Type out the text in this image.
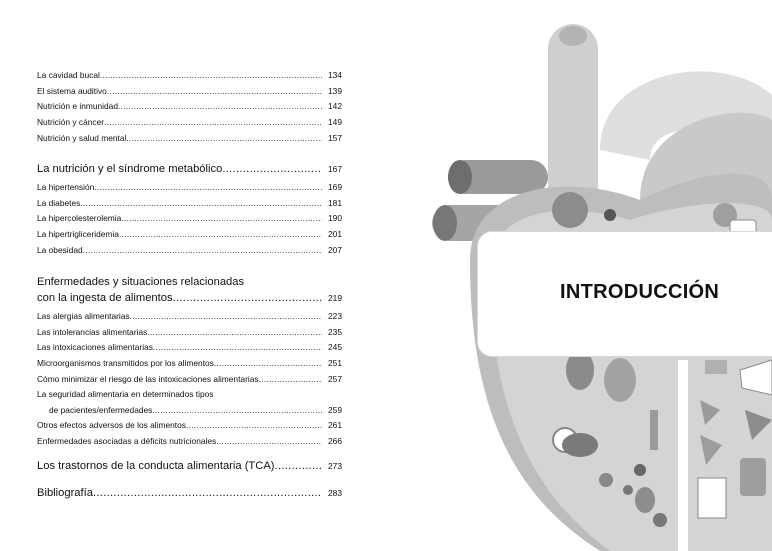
La cavidad bucal .....	134
El sistema auditivo .....	139
Nutrición e inmunidad .....	142
Nutrición y cáncer .....	149
Nutrición y salud mental .....	157
La nutrición y el síndrome metabólico .....	167
La hipertensión .....	169
La diabetes .....	181
La hipercolesterolemia .....	190
La hipertrigliceridemia .....	201
La obesidad .....	207
Enfermedades y situaciones relacionadas
con la ingesta de alimentos .....	219
Las alergias alimentarias .....	223
Las intolerancias alimentarias .....	235
Las intoxicaciones alimentarias .....	245
Microorganismos transmitidos por los alimentos .....	251
Cómo minimizar el riesgo de las intoxicaciones alimentarias .....	257
La seguridad alimentaria en determinados tipos
de pacientes/enfermedades .....	259
Otros efectos adversos de los alimentos .....	261
Enfermedades asociadas a déficits nutricionales .....	266
Los trastornos de la conducta alimentaria (TCA) .....	273
Bibliografía .....	283
INTRODUCCIÓN
